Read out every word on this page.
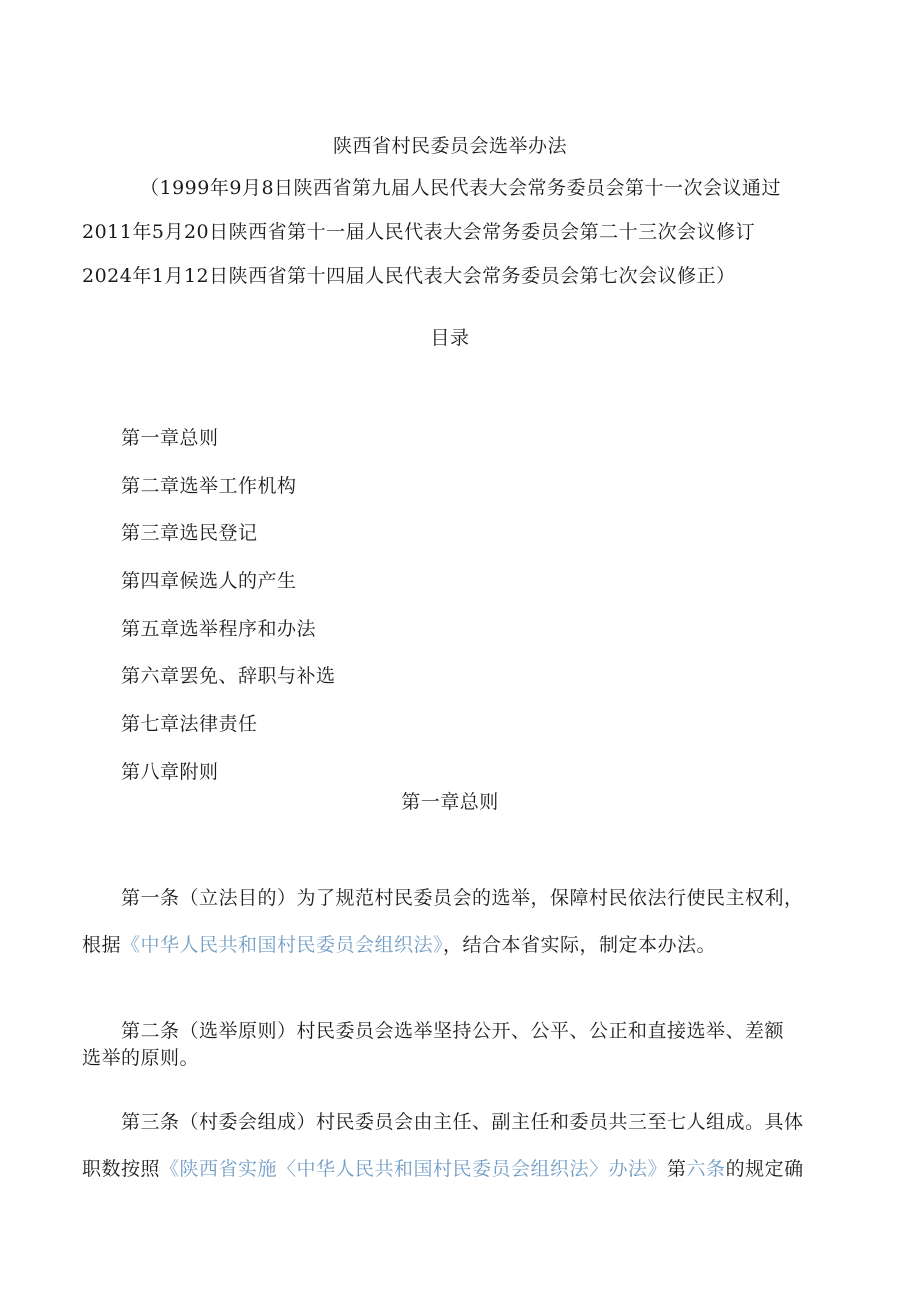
陕西省村民委员会选举办法
（1999年9月8日陕西省第九届人民代表大会常务委员会第十一次会议通过
2011年5月20日陕西省第十一届人民代表大会常务委员会第二十三次会议修订
2024年1月12日陕西省第十四届人民代表大会常务委员会第七次会议修正）
目录
第一章总则
第二章选举工作机构
第三章选民登记
第四章候选人的产生
第五章选举程序和办法
第六章罢免、辞职与补选
第七章法律责任
第八章附则
第一章总则
第一条（立法目的）为了规范村民委员会的选举，保障村民依法行使民主权利，
根据《中华人民共和国村民委员会组织法》，结合本省实际，制定本办法。
第二条（选举原则）村民委员会选举坚持公开、公平、公正和直接选举、差额
选举的原则。
第三条（村委会组成）村民委员会由主任、副主任和委员共三至七人组成。具体
职数按照《陕西省实施〈中华人民共和国村民委员会组织法〉办法》第六条的规定确
